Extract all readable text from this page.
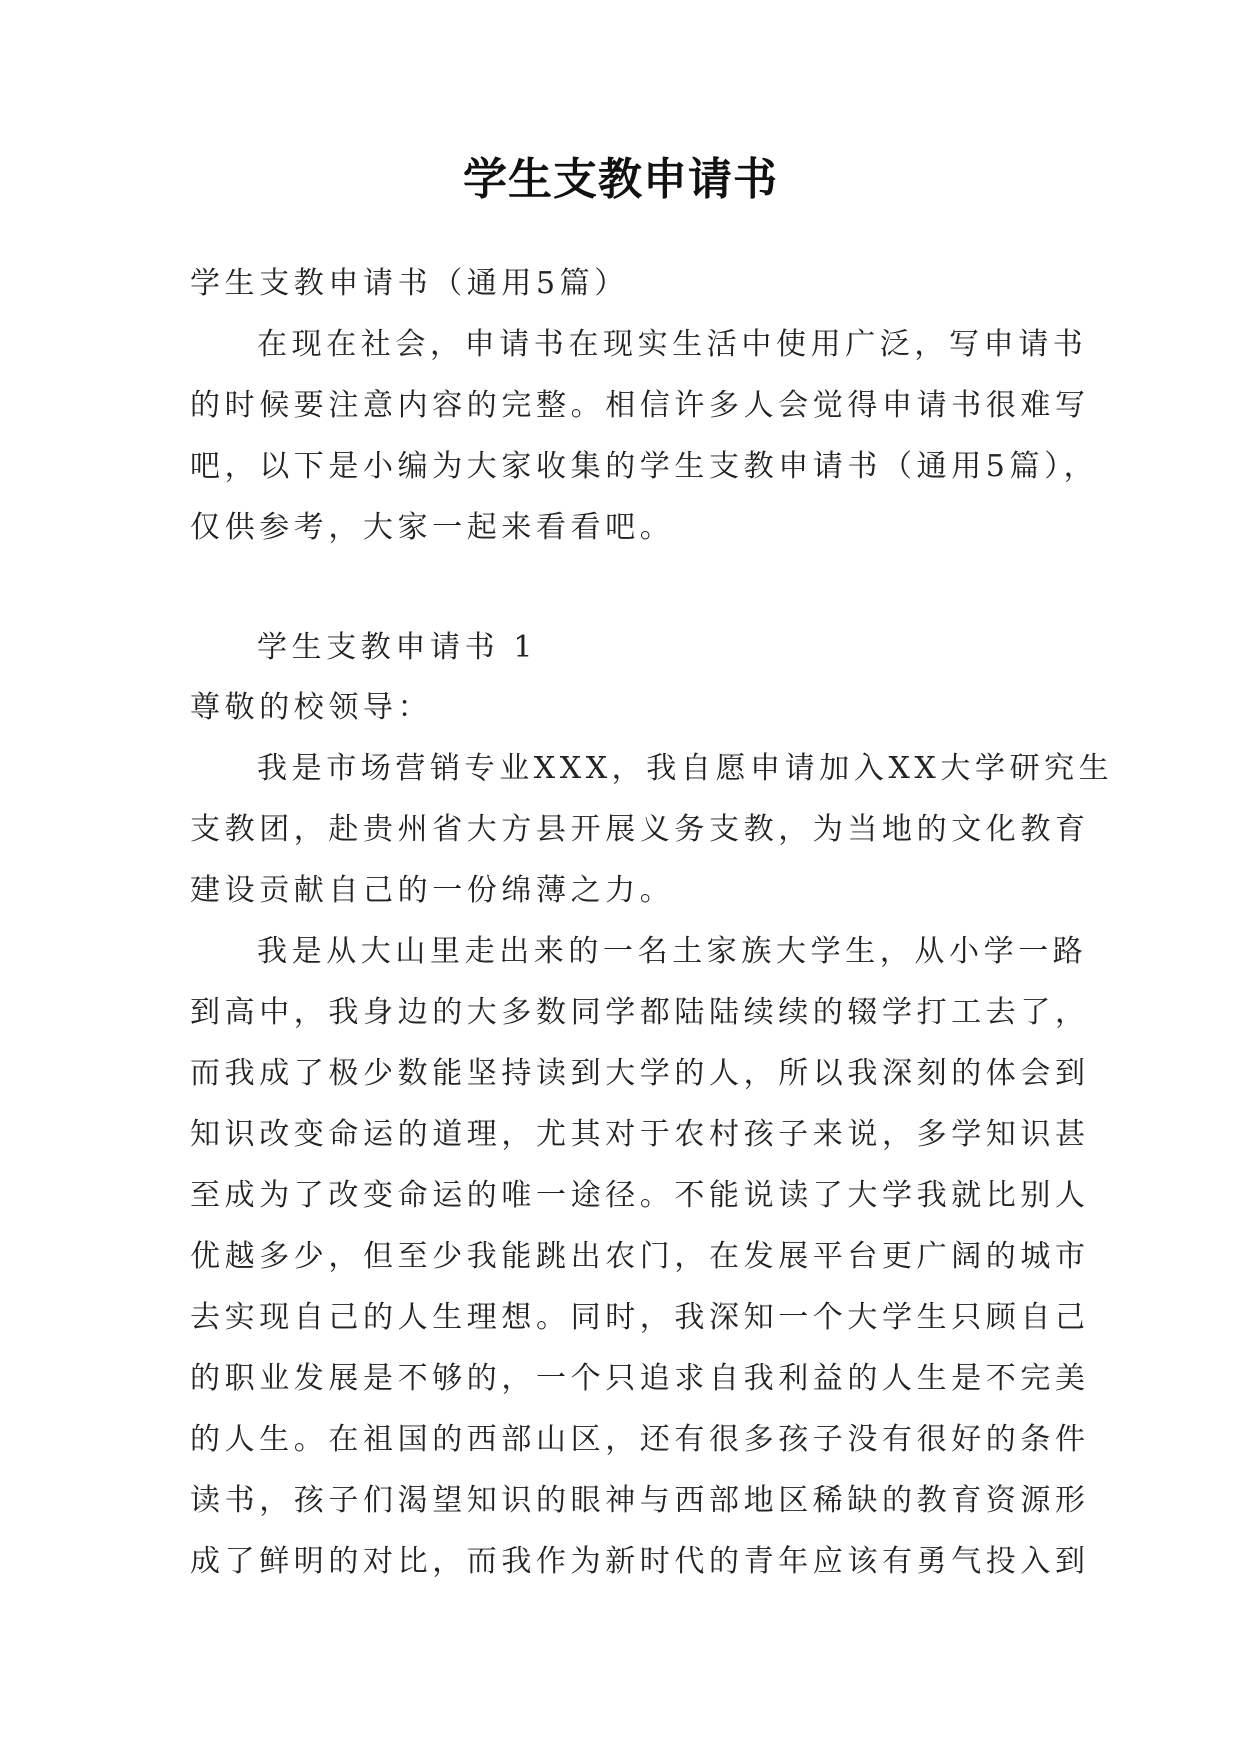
学生支教申请书
学生支教申请书（通用5篇）
在现在社会，申请书在现实生活中使用广泛，写申请书
的时候要注意内容的完整。相信许多人会觉得申请书很难写
吧，以下是小编为大家收集的学生支教申请书（通用5篇），
仅供参考，大家一起来看看吧。
学生支教申请书 1
尊敬的校领导：
我是市场营销专业XXX，我自愿申请加入XX大学研究生
支教团，赴贵州省大方县开展义务支教，为当地的文化教育
建设贡献自己的一份绵薄之力。
我是从大山里走出来的一名土家族大学生，从小学一路
到高中，我身边的大多数同学都陆陆续续的辍学打工去了，
而我成了极少数能坚持读到大学的人，所以我深刻的体会到
知识改变命运的道理，尤其对于农村孩子来说，多学知识甚
至成为了改变命运的唯一途径。不能说读了大学我就比别人
优越多少，但至少我能跳出农门，在发展平台更广阔的城市
去实现自己的人生理想。同时，我深知一个大学生只顾自己
的职业发展是不够的，一个只追求自我利益的人生是不完美
的人生。在祖国的西部山区，还有很多孩子没有很好的条件
读书，孩子们渴望知识的眼神与西部地区稀缺的教育资源形
成了鲜明的对比，而我作为新时代的青年应该有勇气投入到
